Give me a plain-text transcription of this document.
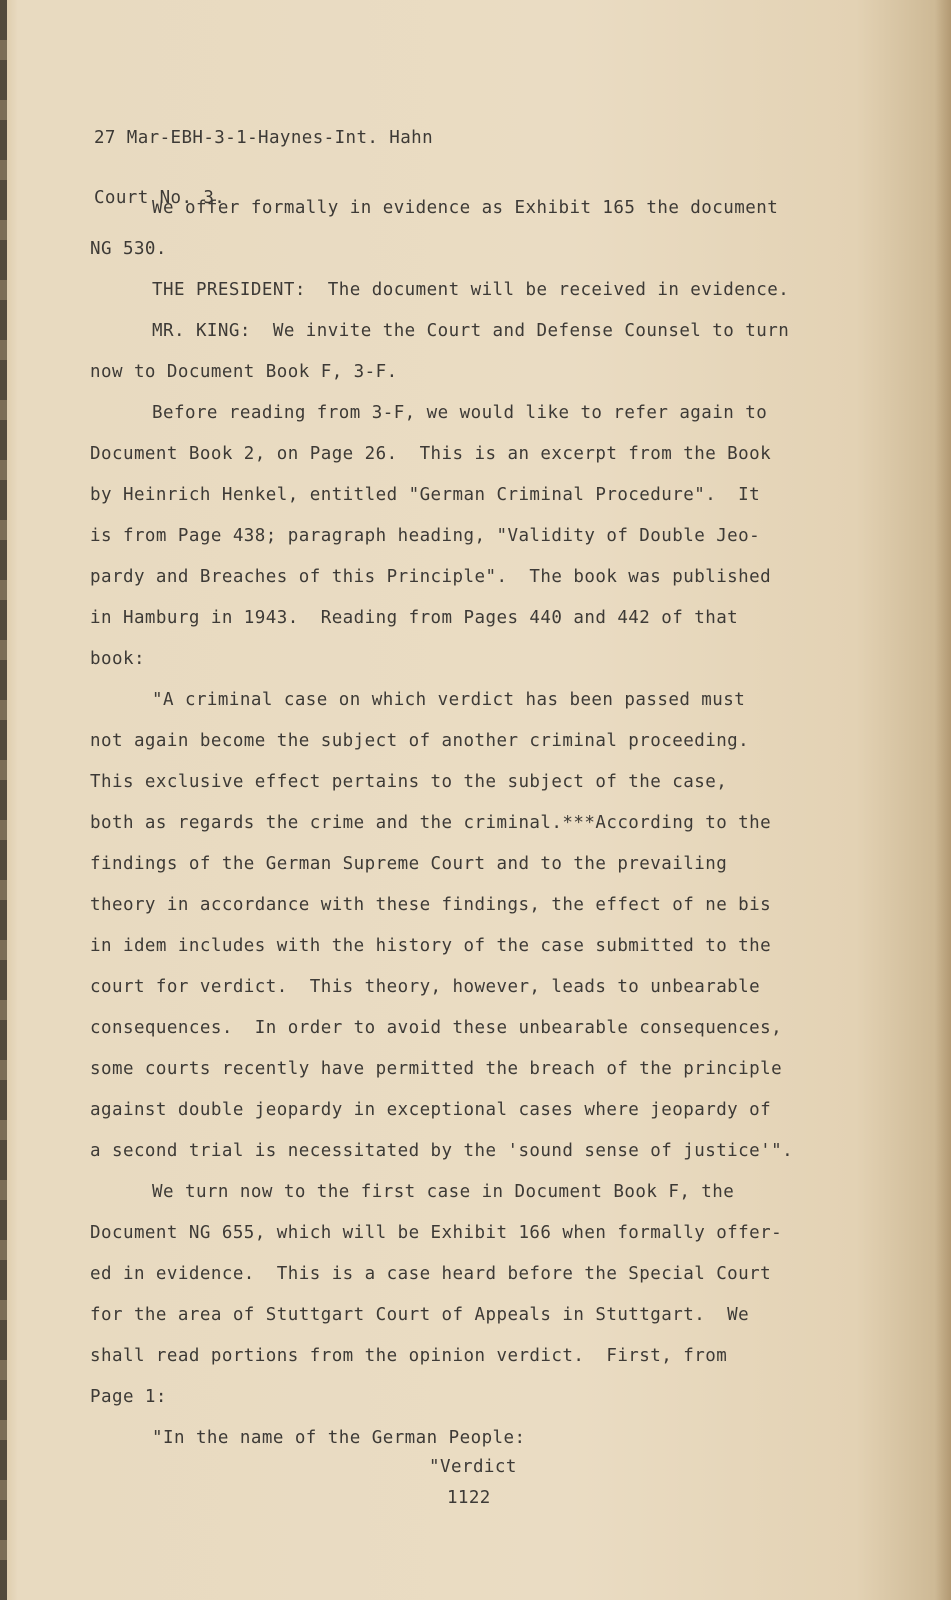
27 Mar-EBH-3-1-Haynes-Int. Hahn

Court No. 3.

We offer formally in evidence as Exhibit 165 the document
NG 530.
THE PRESIDENT:  The document will be received in evidence.
MR. KING:  We invite the Court and Defense Counsel to turn
now to Document Book F, 3-F.
Before reading from 3-F, we would like to refer again to
Document Book 2, on Page 26.  This is an excerpt from the Book
by Heinrich Henkel, entitled "German Criminal Procedure".  It
is from Page 438; paragraph heading, "Validity of Double Jeo-
pardy and Breaches of this Principle".  The book was published
in Hamburg in 1943.  Reading from Pages 440 and 442 of that
book:
"A criminal case on which verdict has been passed must
not again become the subject of another criminal proceeding.
This exclusive effect pertains to the subject of the case,
both as regards the crime and the criminal.***According to the
findings of the German Supreme Court and to the prevailing
theory in accordance with these findings, the effect of ne bis
in idem includes with the history of the case submitted to the
court for verdict.  This theory, however, leads to unbearable
consequences.  In order to avoid these unbearable consequences,
some courts recently have permitted the breach of the principle
against double jeopardy in exceptional cases where jeopardy of
a second trial is necessitated by the 'sound sense of justice'".
We turn now to the first case in Document Book F, the
Document NG 655, which will be Exhibit 166 when formally offer-
ed in evidence.  This is a case heard before the Special Court
for the area of Stuttgart Court of Appeals in Stuttgart.  We
shall read portions from the opinion verdict.  First, from
Page 1:
"In the name of the German People:
"Verdict
1122
